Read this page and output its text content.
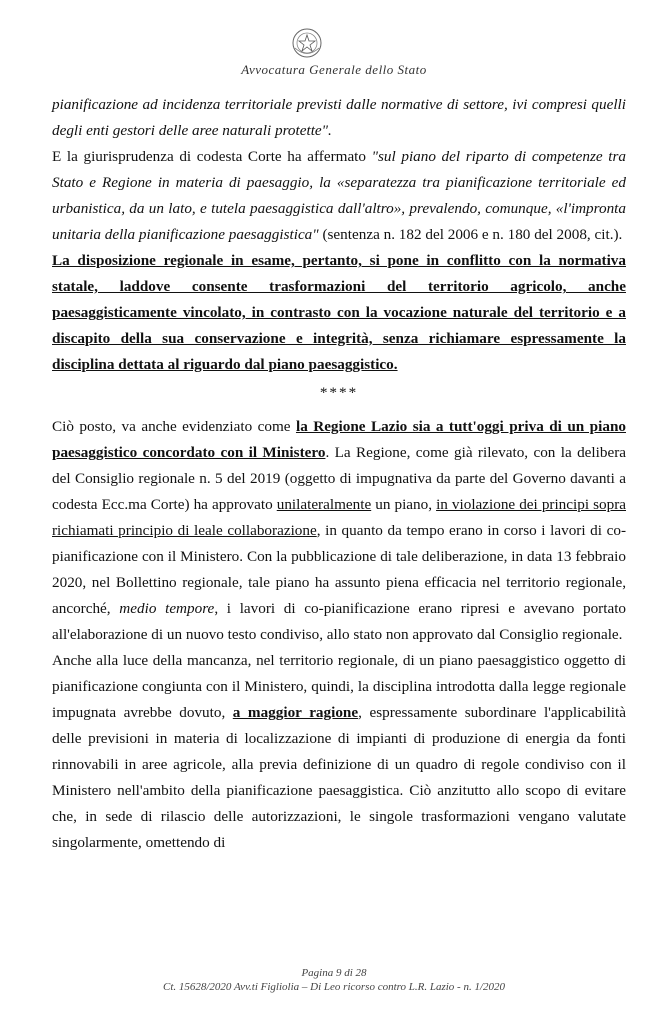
Avvocatura Generale dello Stato

pianificazione ad incidenza territoriale previsti dalle normative di settore, ivi compresi quelli degli enti gestori delle aree naturali protette".

E la giurisprudenza di codesta Corte ha affermato "sul piano del riparto di competenze tra Stato e Regione in materia di paesaggio, la «separatezza tra pianificazione territoriale ed urbanistica, da un lato, e tutela paesaggistica dall'altro», prevalendo, comunque, «l'impronta unitaria della pianificazione paesaggistica" (sentenza n. 182 del 2006 e n. 180 del 2008, cit.).

La disposizione regionale in esame, pertanto, si pone in conflitto con la normativa statale, laddove consente trasformazioni del territorio agricolo, anche paesaggisticamente vincolato, in contrasto con la vocazione naturale del territorio e a discapito della sua conservazione e integrità, senza richiamare espressamente la disciplina dettata al riguardo dal piano paesaggistico.

****

Ciò posto, va anche evidenziato come la Regione Lazio sia a tutt'oggi priva di un piano paesaggistico concordato con il Ministero. La Regione, come già rilevato, con la delibera del Consiglio regionale n. 5 del 2019 (oggetto di impugnativa da parte del Governo davanti a codesta Ecc.ma Corte) ha approvato unilateralmente un piano, in violazione dei principi sopra richiamati principio di leale collaborazione, in quanto da tempo erano in corso i lavori di co-pianificazione con il Ministero. Con la pubblicazione di tale deliberazione, in data 13 febbraio 2020, nel Bollettino regionale, tale piano ha assunto piena efficacia nel territorio regionale, ancorché, medio tempore, i lavori di co-pianificazione erano ripresi e avevano portato all'elaborazione di un nuovo testo condiviso, allo stato non approvato dal Consiglio regionale.

Anche alla luce della mancanza, nel territorio regionale, di un piano paesaggistico oggetto di pianificazione congiunta con il Ministero, quindi, la disciplina introdotta dalla legge regionale impugnata avrebbe dovuto, a maggior ragione, espressamente subordinare l'applicabilità delle previsioni in materia di localizzazione di impianti di produzione di energia da fonti rinnovabili in aree agricole, alla previa definizione di un quadro di regole condiviso con il Ministero nell'ambito della pianificazione paesaggistica. Ciò anzitutto allo scopo di evitare che, in sede di rilascio delle autorizzazioni, le singole trasformazioni vengano valutate singolarmente, omettendo di

Pagina 9 di 28
Ct. 15628/2020 Avv.ti Figliolia – Di Leo ricorso contro L.R. Lazio - n. 1/2020
